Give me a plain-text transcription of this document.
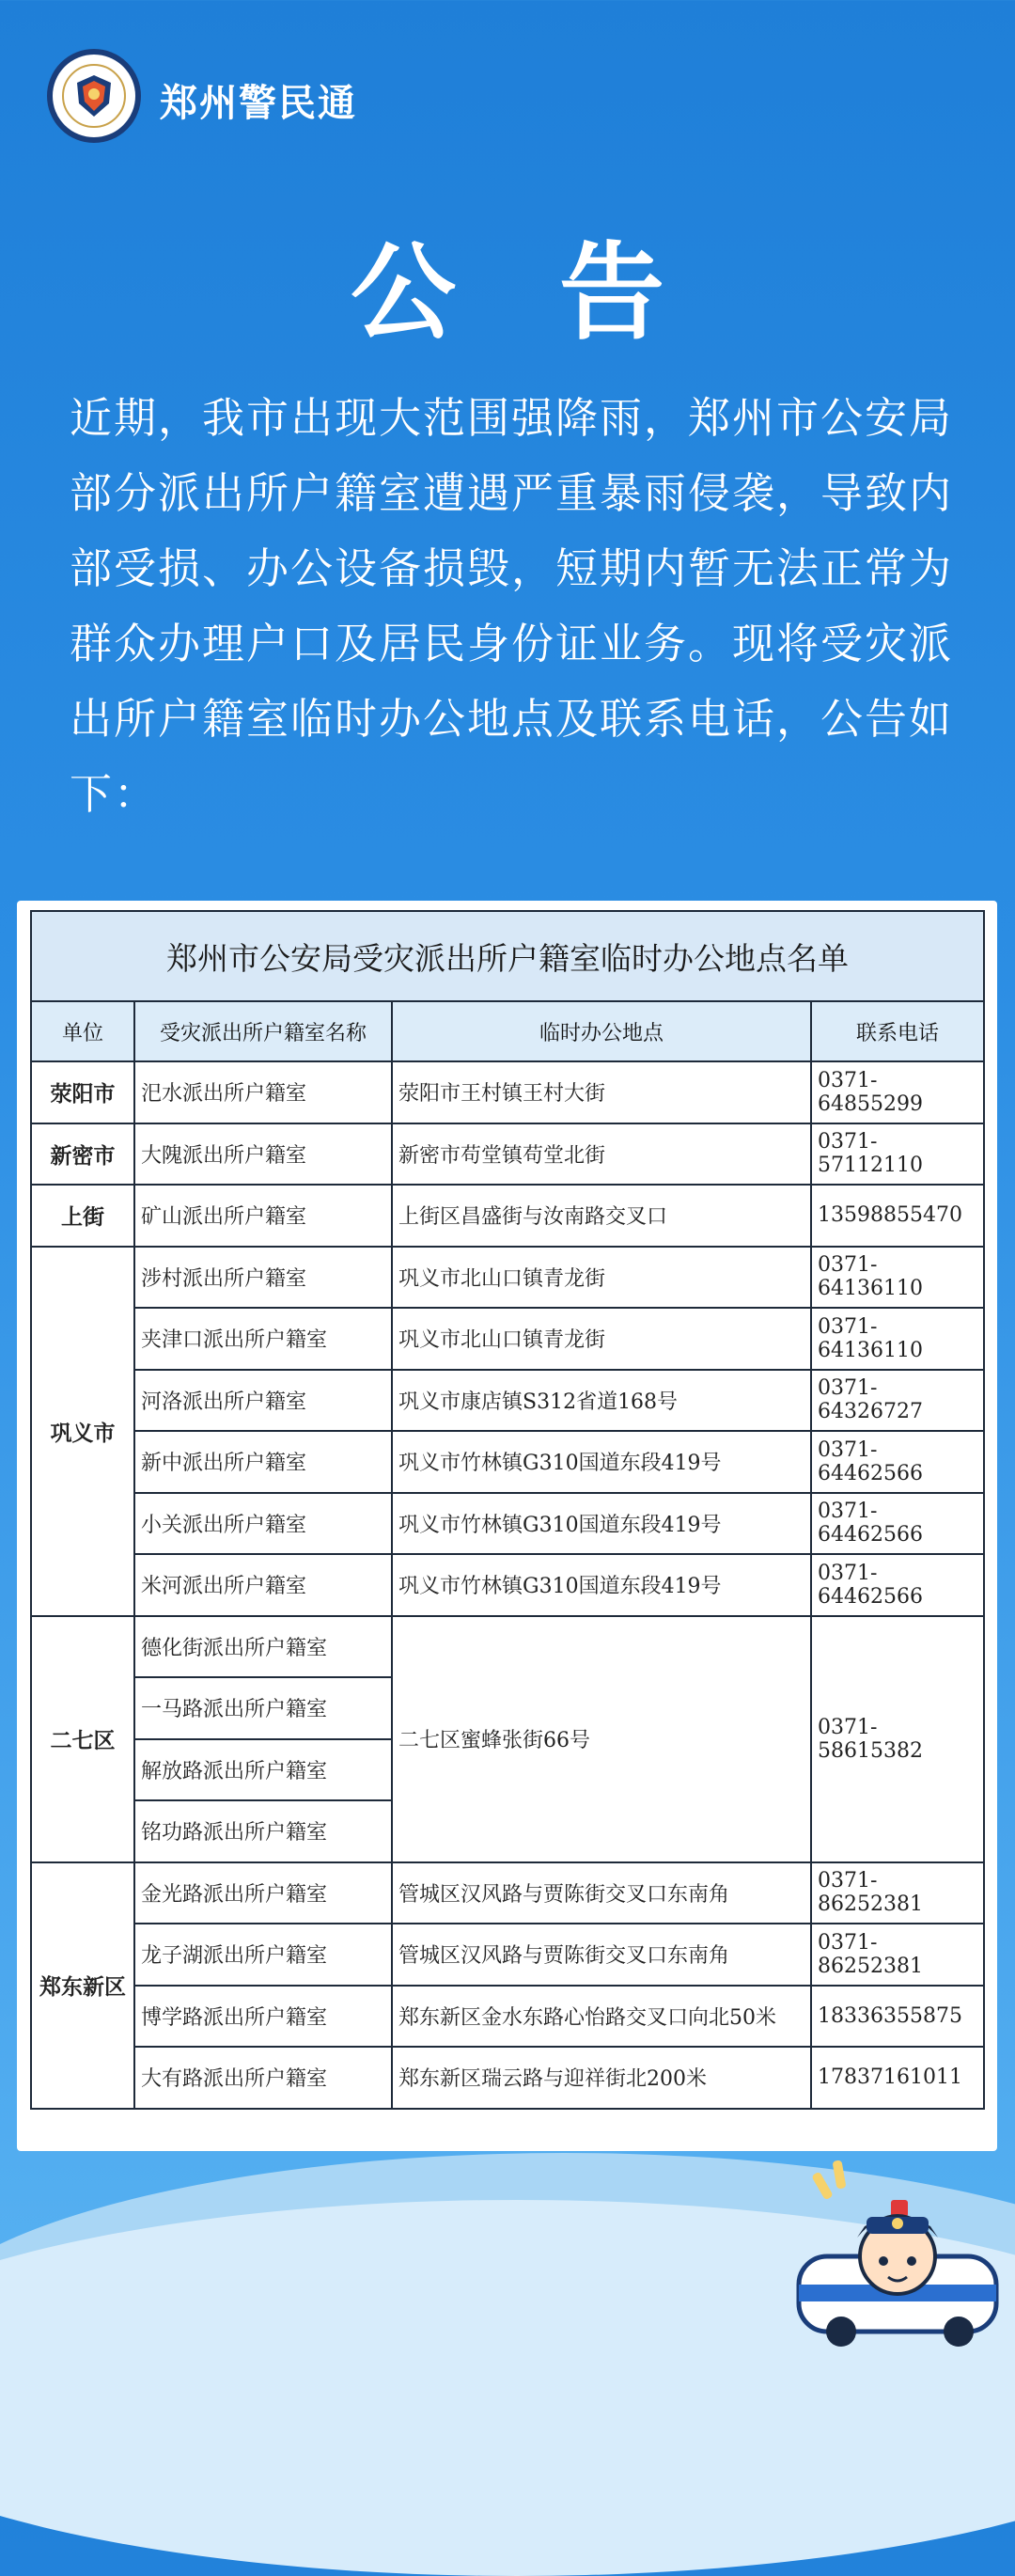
郑州警民通
公告
近期，我市出现大范围强降雨，郑州市公安局部分派出所户籍室遭遇严重暴雨侵袭，导致内部受损、办公设备损毁，短期内暂无法正常为群众办理户口及居民身份证业务。现将受灾派出所户籍室临时办公地点及联系电话，公告如下：
郑州市公安局受灾派出所户籍室临时办公地点名单			
单位	受灾派出所户籍室名称	临时办公地点	联系电话
荥阳市	汜水派出所户籍室	荥阳市王村镇王村大街	0371-64855299
新密市	大隗派出所户籍室	新密市苟堂镇苟堂北街	0371-57112110
上街	矿山派出所户籍室	上街区昌盛街与汝南路交叉口	13598855470
巩义市	涉村派出所户籍室	巩义市北山口镇青龙街	0371-64136110
	夹津口派出所户籍室	巩义市北山口镇青龙街	0371-64136110
	河洛派出所户籍室	巩义市康店镇S312省道168号	0371-64326727
	新中派出所户籍室	巩义市竹林镇G310国道东段419号	0371-64462566
	小关派出所户籍室	巩义市竹林镇G310国道东段419号	0371-64462566
	米河派出所户籍室	巩义市竹林镇G310国道东段419号	0371-64462566
二七区	德化街派出所户籍室	二七区蜜蜂张街66号	0371-58615382
	一马路派出所户籍室		
	解放路派出所户籍室		
	铭功路派出所户籍室		
郑东新区	金光路派出所户籍室	管城区汉风路与贾陈街交叉口东南角	0371-86252381
	龙子湖派出所户籍室	管城区汉风路与贾陈街交叉口东南角	0371-86252381
	博学路派出所户籍室	郑东新区金水东路心怡路交叉口向北50米	18336355875
	大有路派出所户籍室	郑东新区瑞云路与迎祥街北200米	17837161011
